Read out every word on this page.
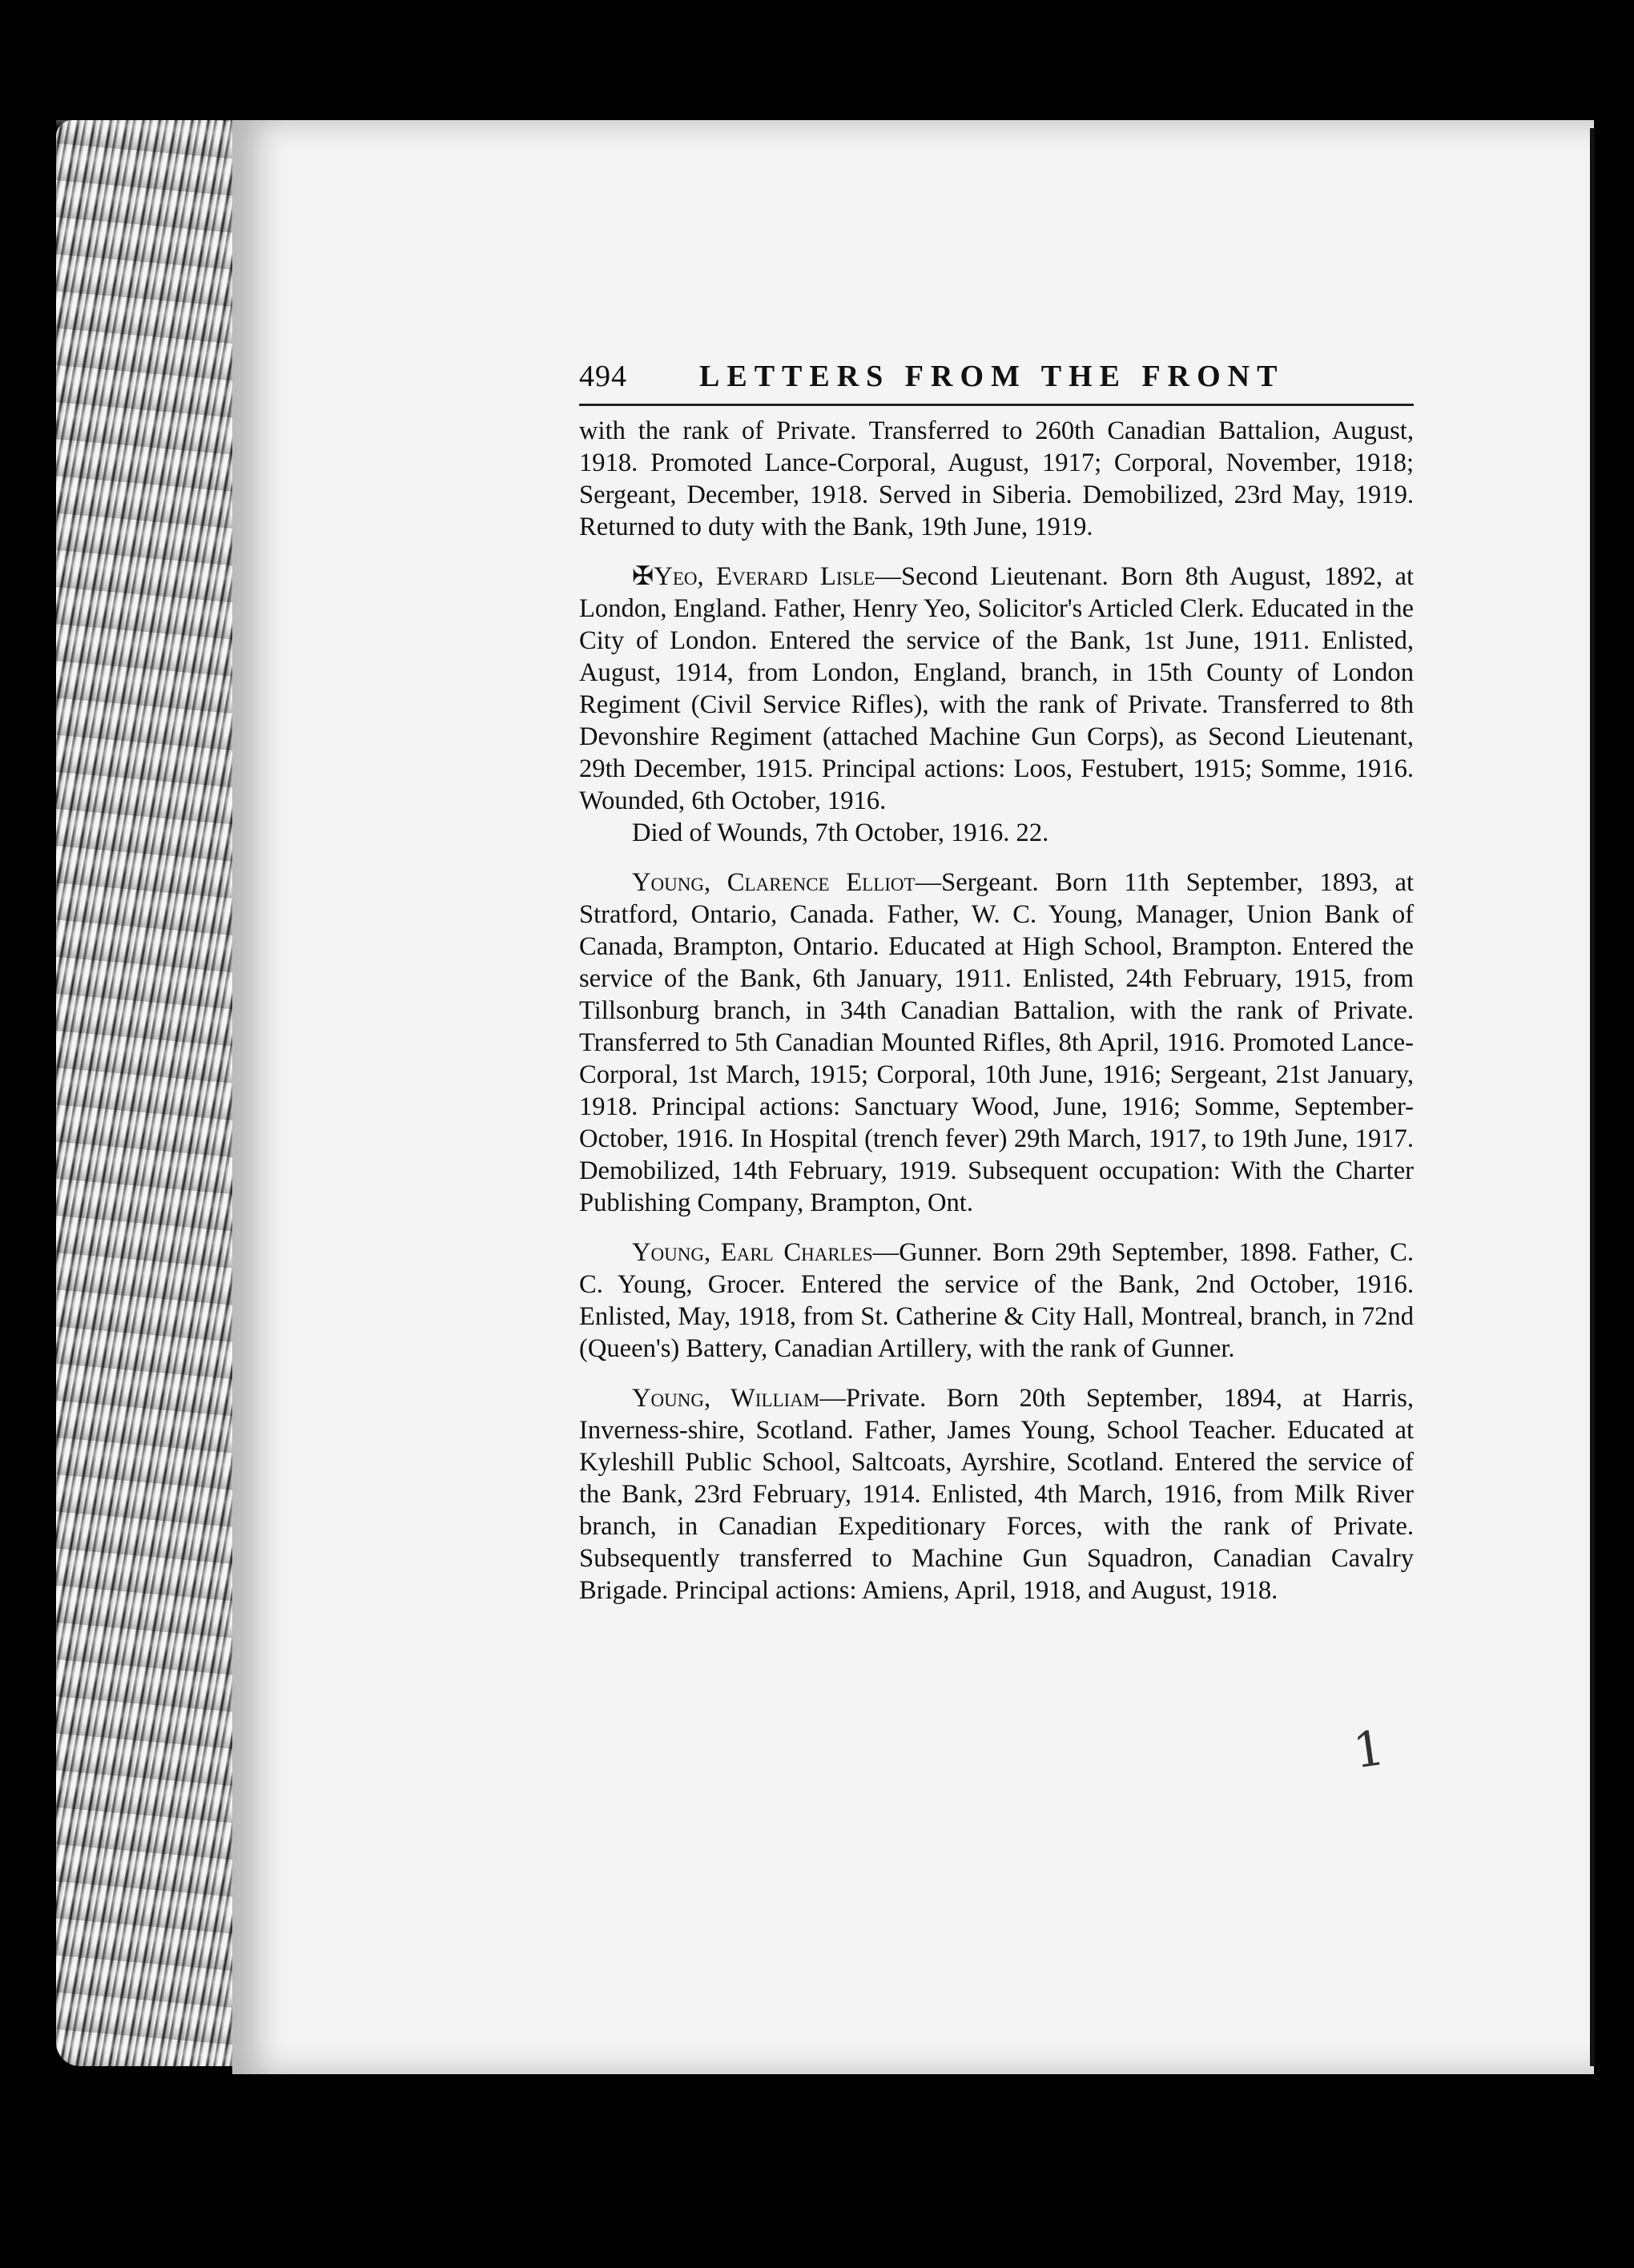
494 LETTERS FROM THE FRONT

with the rank of Private. Transferred to 260th Canadian Battalion, August, 1918. Promoted Lance-Corporal, August, 1917; Corporal, November, 1918; Sergeant, December, 1918. Served in Siberia. Demobilized, 23rd May, 1919. Returned to duty with the Bank, 19th June, 1919.

✠Yeo, Everard Lisle—Second Lieutenant. Born 8th August, 1892, at London, England. Father, Henry Yeo, Solicitor's Articled Clerk. Educated in the City of London. Entered the service of the Bank, 1st June, 1911. Enlisted, August, 1914, from London, England, branch, in 15th County of London Regiment (Civil Service Rifles), with the rank of Private. Transferred to 8th Devonshire Regiment (attached Machine Gun Corps), as Second Lieutenant, 29th December, 1915. Principal actions: Loos, Festubert, 1915; Somme, 1916. Wounded, 6th October, 1916.

Died of Wounds, 7th October, 1916. 22.

Young, Clarence Elliot—Sergeant. Born 11th September, 1893, at Stratford, Ontario, Canada. Father, W. C. Young, Manager, Union Bank of Canada, Brampton, Ontario. Educated at High School, Brampton. Entered the service of the Bank, 6th January, 1911. Enlisted, 24th February, 1915, from Tillsonburg branch, in 34th Canadian Battalion, with the rank of Private. Transferred to 5th Canadian Mounted Rifles, 8th April, 1916. Promoted Lance-Corporal, 1st March, 1915; Corporal, 10th June, 1916; Sergeant, 21st January, 1918. Principal actions: Sanctuary Wood, June, 1916; Somme, September-October, 1916. In Hospital (trench fever) 29th March, 1917, to 19th June, 1917. Demobilized, 14th February, 1919. Subsequent occupation: With the Charter Publishing Company, Brampton, Ont.

Young, Earl Charles—Gunner. Born 29th September, 1898. Father, C. C. Young, Grocer. Entered the service of the Bank, 2nd October, 1916. Enlisted, May, 1918, from St. Catherine & City Hall, Montreal, branch, in 72nd (Queen's) Battery, Canadian Artillery, with the rank of Gunner.

Young, William—Private. Born 20th September, 1894, at Harris, Inverness-shire, Scotland. Father, James Young, School Teacher. Educated at Kyleshill Public School, Saltcoats, Ayrshire, Scotland. Entered the service of the Bank, 23rd February, 1914. Enlisted, 4th March, 1916, from Milk River branch, in Canadian Expeditionary Forces, with the rank of Private. Subsequently transferred to Machine Gun Squadron, Canadian Cavalry Brigade. Principal actions: Amiens, April, 1918, and August, 1918.

1
